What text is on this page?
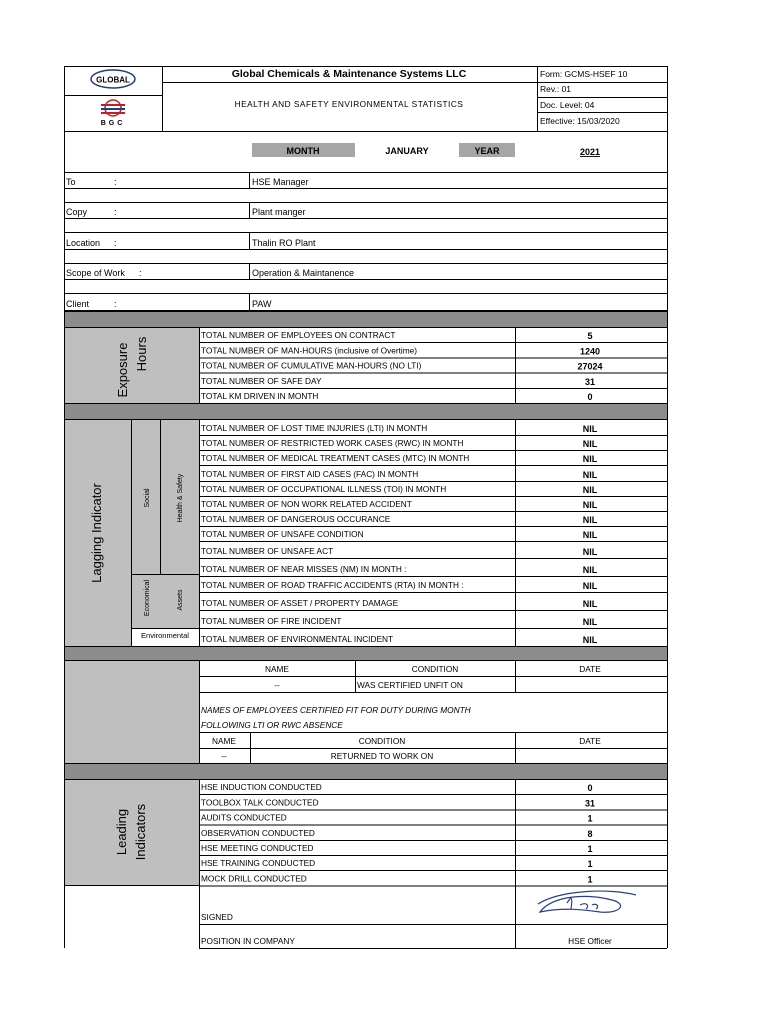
Global Chemicals & Maintenance Systems LLC
HEALTH AND SAFETY ENVIRONMENTAL STATISTICS
Form: GCMS-HSEF 10
Rev.: 01
Doc. Level: 04
Effective: 15/03/2020
GLOBAL
BGC
MONTH	JANUARY	YEAR	2021
To	:	HSE Manager
Copy	:	Plant manger
Location :	Thalin RO Plant
Scope of Work :	Operation & Maintanence
Client	:	PAW
Exposure Hours
Lagging Indicator
Leading Indicators
Social	Health & Safety
Economical	Assets
Environmental
TOTAL NUMBER OF EMPLOYEES ON CONTRACT	5
TOTAL NUMBER OF MAN-HOURS (inclusive of Overtime)	1240
TOTAL NUMBER OF CUMULATIVE MAN-HOURS (NO LTI)	27024
TOTAL NUMBER OF SAFE DAY	31
TOTAL KM DRIVEN IN MONTH	0
TOTAL NUMBER OF LOST TIME INJURIES (LTI) IN MONTH	NIL
TOTAL NUMBER OF RESTRICTED WORK CASES (RWC) IN MONTH	NIL
TOTAL NUMBER OF MEDICAL TREATMENT CASES (MTC) IN MONTH	NIL
TOTAL NUMBER OF FIRST AID CASES (FAC) IN MONTH	NIL
TOTAL NUMBER OF OCCUPATIONAL ILLNESS (TOI) IN MONTH	NIL
TOTAL NUMBER OF NON WORK RELATED ACCIDENT	NIL
TOTAL NUMBER OF DANGEROUS OCCURANCE	NIL
TOTAL NUMBER OF UNSAFE CONDITION	NIL
TOTAL NUMBER OF UNSAFE ACT	NIL
TOTAL NUMBER OF NEAR MISSES (NM) IN MONTH :	NIL
TOTAL NUMBER OF ROAD TRAFFIC ACCIDENTS (RTA) IN MONTH :	NIL
TOTAL NUMBER OF ASSET / PROPERTY DAMAGE	NIL
TOTAL NUMBER OF FIRE INCIDENT	NIL
TOTAL NUMBER OF ENVIRONMENTAL INCIDENT	NIL
NAME	CONDITION	DATE
--	WAS CERTIFIED UNFIT ON
NAMES OF EMPLOYEES CERTIFIED FIT FOR DUTY DURING MONTH
FOLLOWING LTI OR RWC ABSENCE
NAME	CONDITION	DATE
--	RETURNED TO WORK ON
HSE INDUCTION CONDUCTED	0
TOOLBOX TALK CONDUCTED	31
AUDITS CONDUCTED	1
OBSERVATION CONDUCTED	8
HSE MEETING CONDUCTED	1
HSE TRAINING CONDUCTED	1
MOCK DRILL CONDUCTED	1
SIGNED
POSITION IN COMPANY	HSE Officer
